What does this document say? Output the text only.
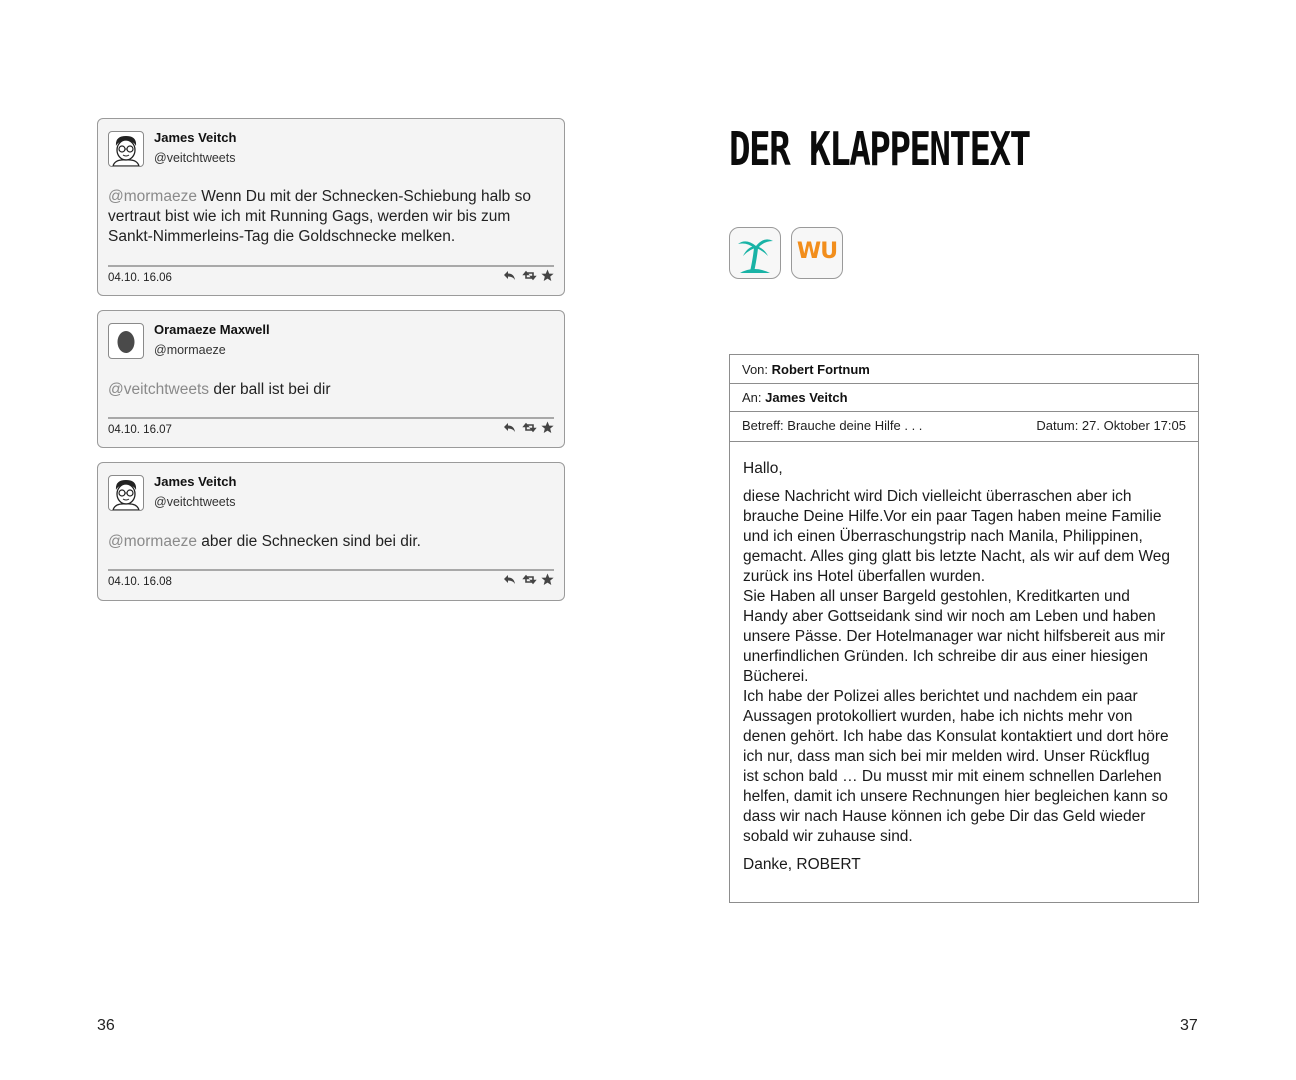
James Veitch
@veitchtweets
@mormaeze Wenn Du mit der Schnecken-Schiebung halb so vertraut bist wie ich mit Running Gags, werden wir bis zum Sankt-Nimmerleins-Tag die Goldschnecke melken.
04.10. 16.06
Oramaeze Maxwell
@mormaeze
@veitchtweets der ball ist bei dir
04.10. 16.07
James Veitch
@veitchtweets
@mormaeze aber die Schnecken sind bei dir.
04.10. 16.08
DER KLAPPENTEXT
WU
Von: Robert Fortnum
An: James Veitch
Betreff: Brauche deine Hilfe . . .	Datum: 27. Oktober 17:05

Hallo,

diese Nachricht wird Dich vielleicht überraschen aber ich
brauche Deine Hilfe.Vor ein paar Tagen haben meine Familie
und ich einen Überraschungstrip nach Manila, Philippinen,
gemacht. Alles ging glatt bis letzte Nacht, als wir auf dem Weg
zurück ins Hotel überfallen wurden.
Sie Haben all unser Bargeld gestohlen, Kreditkarten und
Handy aber Gottseidank sind wir noch am Leben und haben
unsere Pässe. Der Hotelmanager war nicht hilfsbereit aus mir
unerfindlichen Gründen. Ich schreibe dir aus einer hiesigen
Bücherei.
Ich habe der Polizei alles berichtet und nachdem ein paar
Aussagen protokolliert wurden, habe ich nichts mehr von
denen gehört. Ich habe das Konsulat kontaktiert und dort höre
ich nur, dass man sich bei mir melden wird. Unser Rückflug
ist schon bald … Du musst mir mit einem schnellen Darlehen
helfen, damit ich unsere Rechnungen hier begleichen kann so
dass wir nach Hause können ich gebe Dir das Geld wieder
sobald wir zuhause sind.

Danke, ROBERT

36	37
